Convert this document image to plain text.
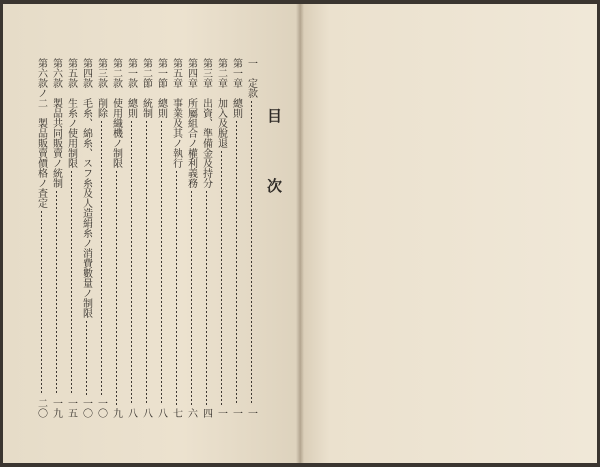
目　次
一　定款
一
第一章　總則
一
第二章　加入及脫退
一
第三章　出資、準備金及持分
四
第四章　所屬組合ノ權利義務
六
第五章　事業及其ノ執行
七
第一節　總則
八
第二節　統制
八
第一款　總則
八
第二款　使用織機ノ制限
九
第三款　削除
一〇
第四款　毛糸、綿糸、スフ糸及人造絹糸ノ消費數量ノ制限
一〇
第五款　生糸ノ使用制限
一五
第六款　製品共同販賣ノ統制
一九
第六款ノ二　製品販賣價格ノ査定
二〇
